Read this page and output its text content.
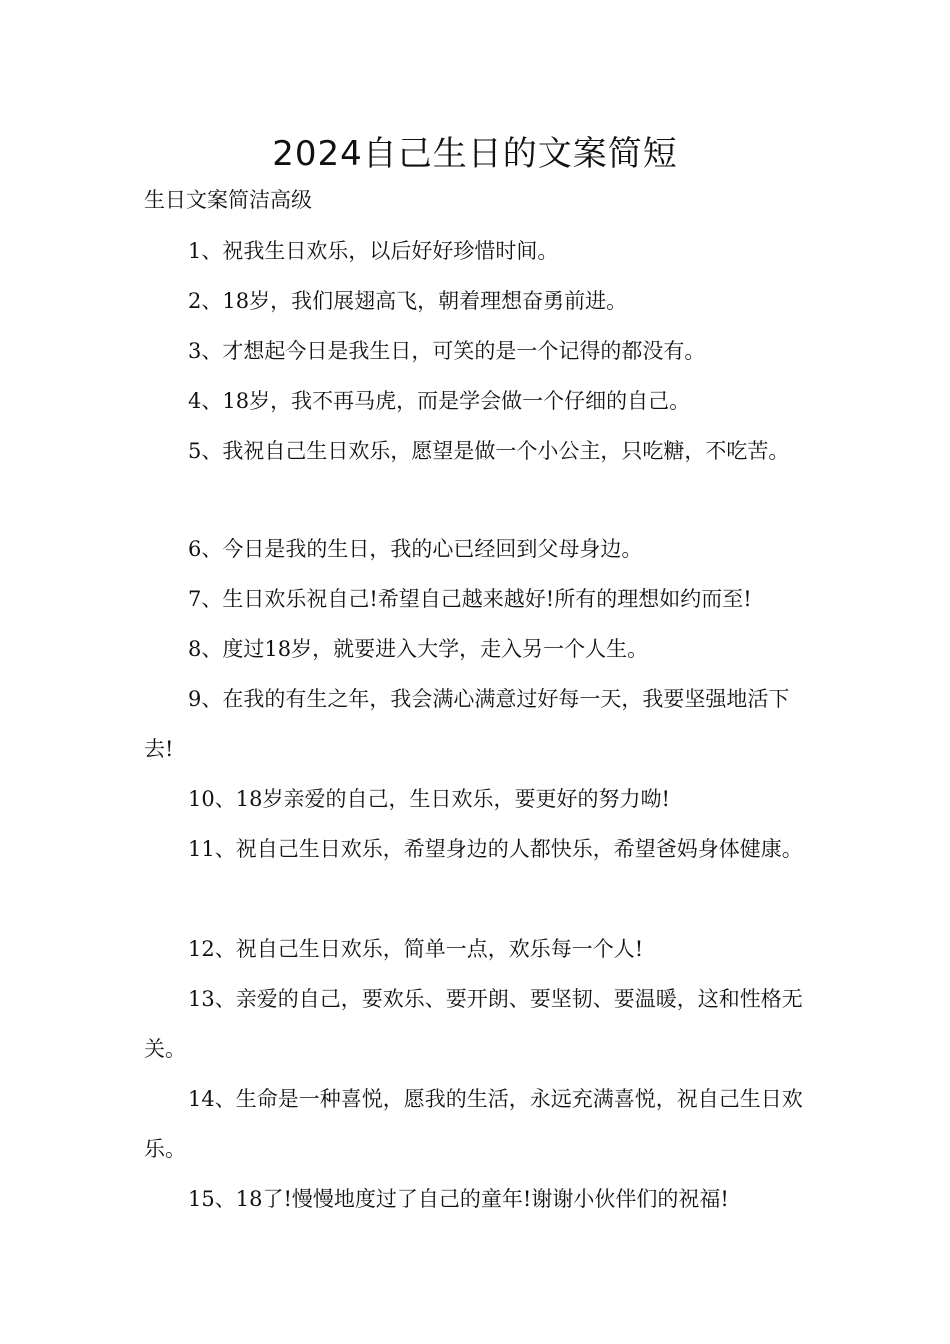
2024自己生日的文案简短
生日文案简洁高级
1、祝我生日欢乐，以后好好珍惜时间。
2、18岁，我们展翅高飞，朝着理想奋勇前进。
3、才想起今日是我生日，可笑的是一个记得的都没有。
4、18岁，我不再马虎，而是学会做一个仔细的自己。
5、我祝自己生日欢乐，愿望是做一个小公主，只吃糖，不吃苦。
6、今日是我的生日，我的心已经回到父母身边。
7、生日欢乐祝自己!希望自己越来越好!所有的理想如约而至!
8、度过18岁，就要进入大学，走入另一个人生。
9、在我的有生之年，我会满心满意过好每一天，我要坚强地活下去!
10、18岁亲爱的自己，生日欢乐，要更好的努力呦!
11、祝自己生日欢乐，希望身边的人都快乐，希望爸妈身体健康。
12、祝自己生日欢乐，简单一点，欢乐每一个人!
13、亲爱的自己，要欢乐、要开朗、要坚韧、要温暖，这和性格无关。
14、生命是一种喜悦，愿我的生活，永远充满喜悦，祝自己生日欢乐。
15、18了!慢慢地度过了自己的童年!谢谢小伙伴们的祝福!
